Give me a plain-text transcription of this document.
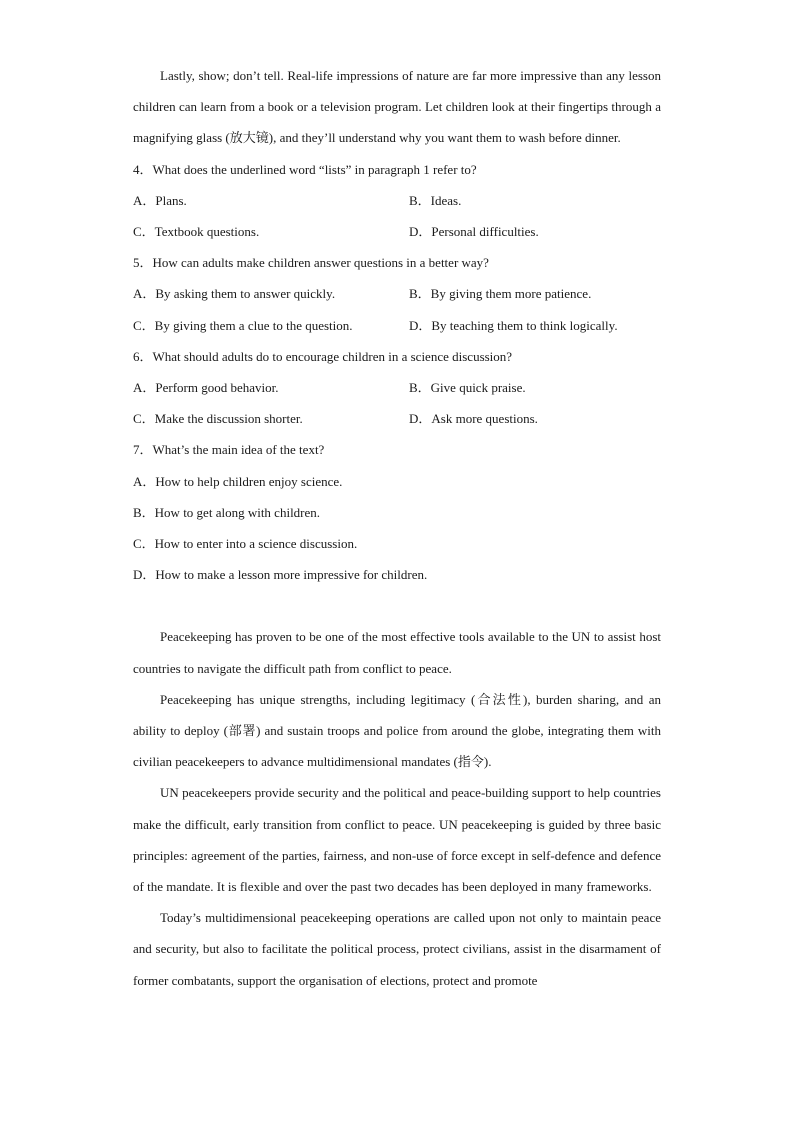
Lastly, show; don’t tell. Real-life impressions of nature are far more impressive than any lesson children can learn from a book or a television program. Let children look at their fingertips through a magnifying glass (放大镜), and they’ll understand why you want them to wash before dinner.

4．What does the underlined word “lists” in paragraph 1 refer to?

A．Plans.	B．Ideas.
C．Textbook questions.	D．Personal difficulties.

5．How can adults make children answer questions in a better way?

A．By asking them to answer quickly.	B．By giving them more patience.
C．By giving them a clue to the question.	D．By teaching them to think logically.

6．What should adults do to encourage children in a science discussion?

A．Perform good behavior.	B．Give quick praise.
C．Make the discussion shorter.	D．Ask more questions.

7．What’s the main idea of the text?

A．How to help children enjoy science.

B．How to get along with children.

C．How to enter into a science discussion.

D．How to make a lesson more impressive for children.

Peacekeeping has proven to be one of the most effective tools available to the UN to assist host countries to navigate the difficult path from conflict to peace.

Peacekeeping has unique strengths, including legitimacy (合法性), burden sharing, and an ability to deploy (部署) and sustain troops and police from around the globe, integrating them with civilian peacekeepers to advance multidimensional mandates (指令).

UN peacekeepers provide security and the political and peace-building support to help countries make the difficult, early transition from conflict to peace. UN peacekeeping is guided by three basic principles: agreement of the parties, fairness, and non-use of force except in self-defence and defence of the mandate. It is flexible and over the past two decades has been deployed in many frameworks.

Today’s multidimensional peacekeeping operations are called upon not only to maintain peace and security, but also to facilitate the political process, protect civilians, assist in the disarmament of former combatants, support the organisation of elections, protect and promote
